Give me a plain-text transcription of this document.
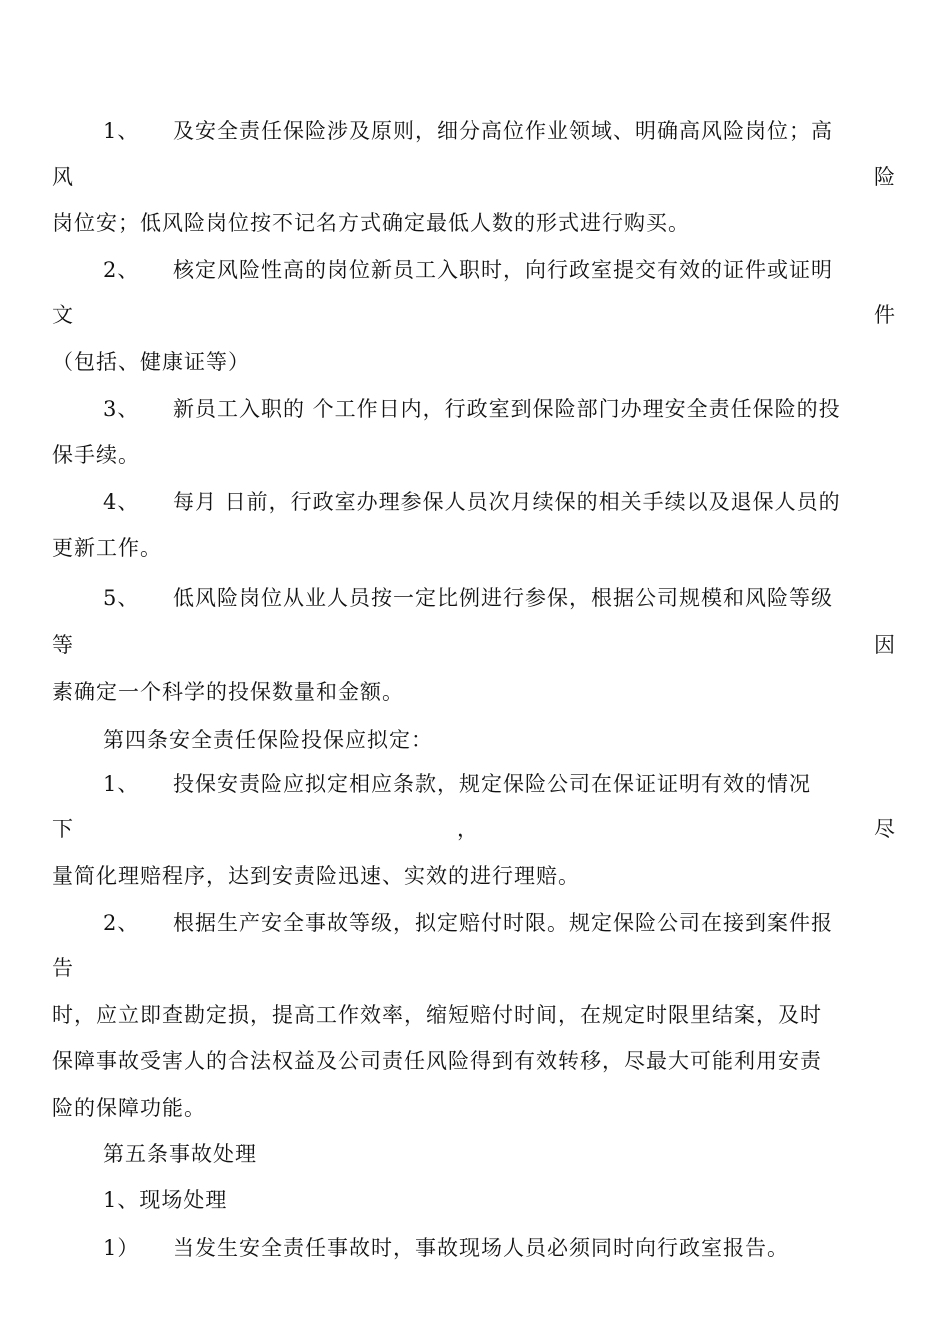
1、 及安全责任保险涉及原则，细分高位作业领域、明确高风险岗位；高
风	险
岗位安；低风险岗位按不记名方式确定最低人数的形式进行购买。
2、 核定风险性高的岗位新员工入职时，向行政室提交有效的证件或证明
文	件
（包括、健康证等）
3、 新员工入职的 个工作日内，行政室到保险部门办理安全责任保险的投
保手续。
4、 每月 日前，行政室办理参保人员次月续保的相关手续以及退保人员的
更新工作。
5、 低风险岗位从业人员按一定比例进行参保，根据公司规模和风险等级
等	因
素确定一个科学的投保数量和金额。
第四条安全责任保险投保应拟定：
1、 投保安责险应拟定相应条款，规定保险公司在保证证明有效的情况
下	，	尽
量简化理赔程序，达到安责险迅速、实效的进行理赔。
2、 根据生产安全事故等级，拟定赔付时限。规定保险公司在接到案件报
告
时，应立即查勘定损，提高工作效率，缩短赔付时间，在规定时限里结案，及时
保障事故受害人的合法权益及公司责任风险得到有效转移，尽最大可能利用安责
险的保障功能。
第五条事故处理
1、现场处理
1） 当发生安全责任事故时，事故现场人员必须同时向行政室报告。
